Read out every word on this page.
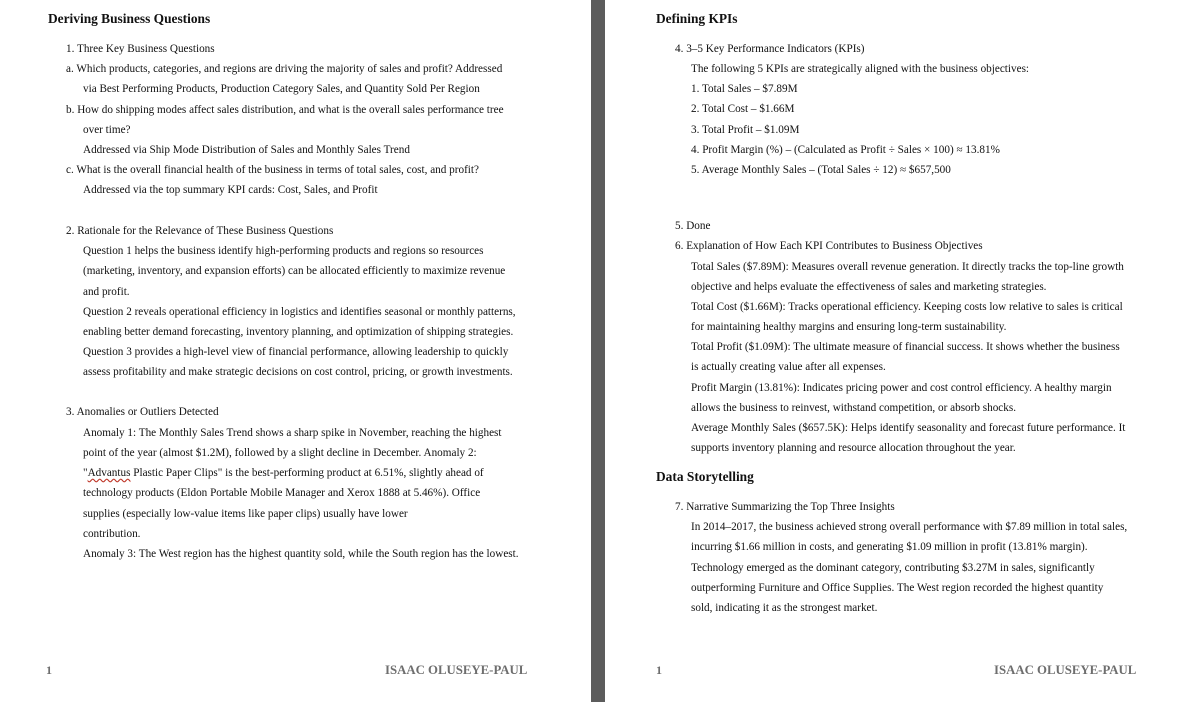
Deriving Business Questions
1. Three Key Business Questions
a. Which products, categories, and regions are driving the majority of sales and profit? Addressed
via Best Performing Products, Production Category Sales, and Quantity Sold Per Region
b. How do shipping modes affect sales distribution, and what is the overall sales performance tree
over time?
Addressed via Ship Mode Distribution of Sales and Monthly Sales Trend
c. What is the overall financial health of the business in terms of total sales, cost, and profit?
Addressed via the top summary KPI cards: Cost, Sales, and Profit
2. Rationale for the Relevance of These Business Questions
Question 1 helps the business identify high-performing products and regions so resources
(marketing, inventory, and expansion efforts) can be allocated efficiently to maximize revenue
and profit.
Question 2 reveals operational efficiency in logistics and identifies seasonal or monthly patterns,
enabling better demand forecasting, inventory planning, and optimization of shipping strategies.
Question 3 provides a high-level view of financial performance, allowing leadership to quickly
assess profitability and make strategic decisions on cost control, pricing, or growth investments.
3. Anomalies or Outliers Detected
Anomaly 1: The Monthly Sales Trend shows a sharp spike in November, reaching the highest
point of the year (almost $1.2M), followed by a slight decline in December. Anomaly 2:
"Advantus Plastic Paper Clips" is the best-performing product at 6.51%, slightly ahead of
technology products (Eldon Portable Mobile Manager and Xerox 1888 at 5.46%). Office
supplies (especially low-value items like paper clips) usually have lower
contribution.
Anomaly 3: The West region has the highest quantity sold, while the South region has the lowest.
1	ISAAC OLUSEYE-PAUL
Defining KPIs
4. 3–5 Key Performance Indicators (KPIs)
The following 5 KPIs are strategically aligned with the business objectives:
1. Total Sales – $7.89M
2. Total Cost – $1.66M
3. Total Profit – $1.09M
4. Profit Margin (%) – (Calculated as Profit ÷ Sales × 100) ≈ 13.81%
5. Average Monthly Sales – (Total Sales ÷ 12) ≈ $657,500
5. Done
6. Explanation of How Each KPI Contributes to Business Objectives
Total Sales ($7.89M): Measures overall revenue generation. It directly tracks the top-line growth
objective and helps evaluate the effectiveness of sales and marketing strategies.
Total Cost ($1.66M): Tracks operational efficiency. Keeping costs low relative to sales is critical
for maintaining healthy margins and ensuring long-term sustainability.
Total Profit ($1.09M): The ultimate measure of financial success. It shows whether the business
is actually creating value after all expenses.
Profit Margin (13.81%): Indicates pricing power and cost control efficiency. A healthy margin
allows the business to reinvest, withstand competition, or absorb shocks.
Average Monthly Sales ($657.5K): Helps identify seasonality and forecast future performance. It
supports inventory planning and resource allocation throughout the year.
Data Storytelling
7. Narrative Summarizing the Top Three Insights
In 2014–2017, the business achieved strong overall performance with $7.89 million in total sales,
incurring $1.66 million in costs, and generating $1.09 million in profit (13.81% margin).
Technology emerged as the dominant category, contributing $3.27M in sales, significantly
outperforming Furniture and Office Supplies. The West region recorded the highest quantity
sold, indicating it as the strongest market.
1	ISAAC OLUSEYE-PAUL
